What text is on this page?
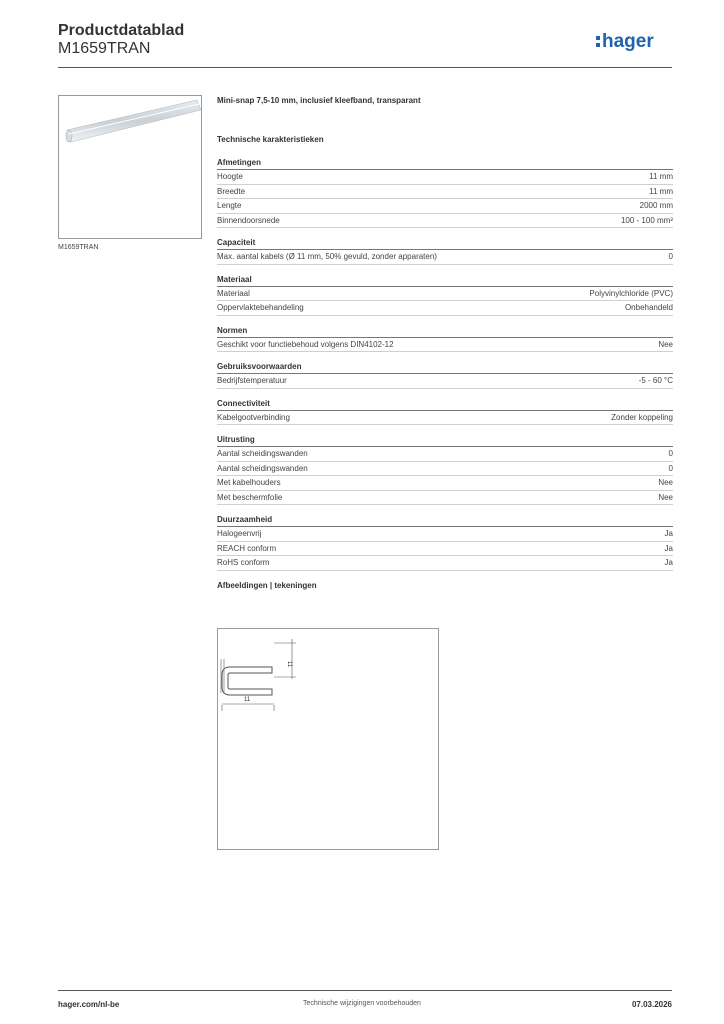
Productdatablad
M1659TRAN	hager
M1659TRAN
Mini-snap 7,5-10 mm, inclusief kleefband, transparant
Technische karakteristieken
Afmetingen
Hoogte	11 mm
Breedte	11 mm
Lengte	2000 mm
Binnendoorsnede	100 - 100 mm²
Capaciteit
Max. aantal kabels (Ø 11 mm, 50% gevuld, zonder apparaten)	0
Materiaal
Materiaal	Polyvinylchloride (PVC)
Oppervlaktebehandeling	Onbehandeld
Normen
Geschikt voor functiebehoud volgens DIN4102-12	Nee
Gebruiksvoorwaarden
Bedrijfstemperatuur	-5 - 60 °C
Connectiviteit
Kabelgootverbinding	Zonder koppeling
Uitrusting
Aantal scheidingswanden	0
Aantal scheidingswanden	0
Met kabelhouders	Nee
Met beschermfolie	Nee
Duurzaamheid
Halogeenvrij	Ja
REACH conform	Ja
RoHS conform	Ja
Afbeeldingen | tekeningen
11
11
hager.com/nl-be	Technische wijzigingen voorbehouden	07.03.2026
